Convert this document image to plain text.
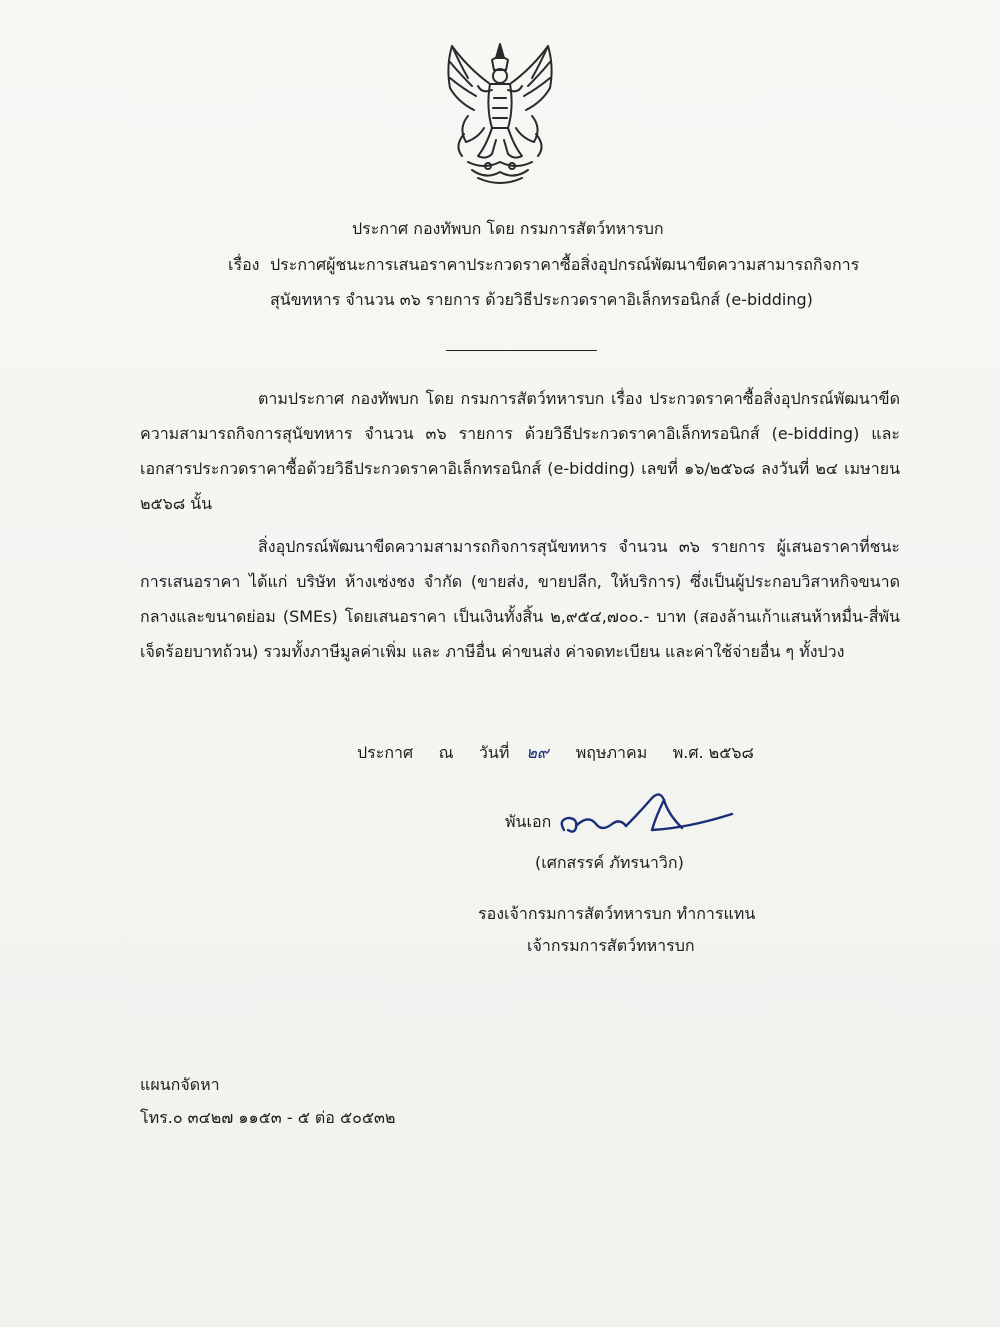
ประกาศ กองทัพบก โดย กรมการสัตว์ทหารบก
เรื่อง ประกาศผู้ชนะการเสนอราคาประกวดราคาซื้อสิ่งอุปกรณ์พัฒนาขีดความสามารถกิจการ
สุนัขทหาร จำนวน ๓๖ รายการ ด้วยวิธีประกวดราคาอิเล็กทรอนิกส์ (e-bidding)

ตามประกาศ กองทัพบก โดย กรมการสัตว์ทหารบก เรื่อง ประกวดราคาซื้อสิ่งอุปกรณ์พัฒนาขีดความสามารถกิจการสุนัขทหาร จำนวน ๓๖ รายการ ด้วยวิธีประกวดราคาอิเล็กทรอนิกส์ (e-bidding) และเอกสารประกวดราคาซื้อด้วยวิธีประกวดราคาอิเล็กทรอนิกส์ (e-bidding) เลขที่ ๑๖/๒๕๖๘ ลงวันที่ ๒๔ เมษายน ๒๕๖๘ นั้น

สิ่งอุปกรณ์พัฒนาขีดความสามารถกิจการสุนัขทหาร จำนวน ๓๖ รายการ ผู้เสนอราคาที่ชนะการเสนอราคา ได้แก่ บริษัท ห้างเซ่งชง จำกัด (ขายส่ง, ขายปลีก, ให้บริการ) ซึ่งเป็นผู้ประกอบวิสาหกิจขนาดกลางและขนาดย่อม (SMEs) โดยเสนอราคา เป็นเงินทั้งสิ้น ๒,๙๕๔,๗๐๐.- บาท (สองล้านเก้าแสนห้าหมื่น-สี่พันเจ็ดร้อยบาทถ้วน) รวมทั้งภาษีมูลค่าเพิ่ม และ ภาษีอื่น ค่าขนส่ง ค่าจดทะเบียน และค่าใช้จ่ายอื่น ๆ ทั้งปวง

ประกาศ ณ วันที่ ๒๙ พฤษภาคม พ.ศ. ๒๕๖๘
พันเอก
(เศกสรรค์ ภัทรนาวิก)
รองเจ้ากรมการสัตว์ทหารบก ทำการแทน
เจ้ากรมการสัตว์ทหารบก
แผนกจัดหา
โทร.๐ ๓๔๒๗ ๑๑๕๓ - ๕ ต่อ ๕๐๕๓๒
